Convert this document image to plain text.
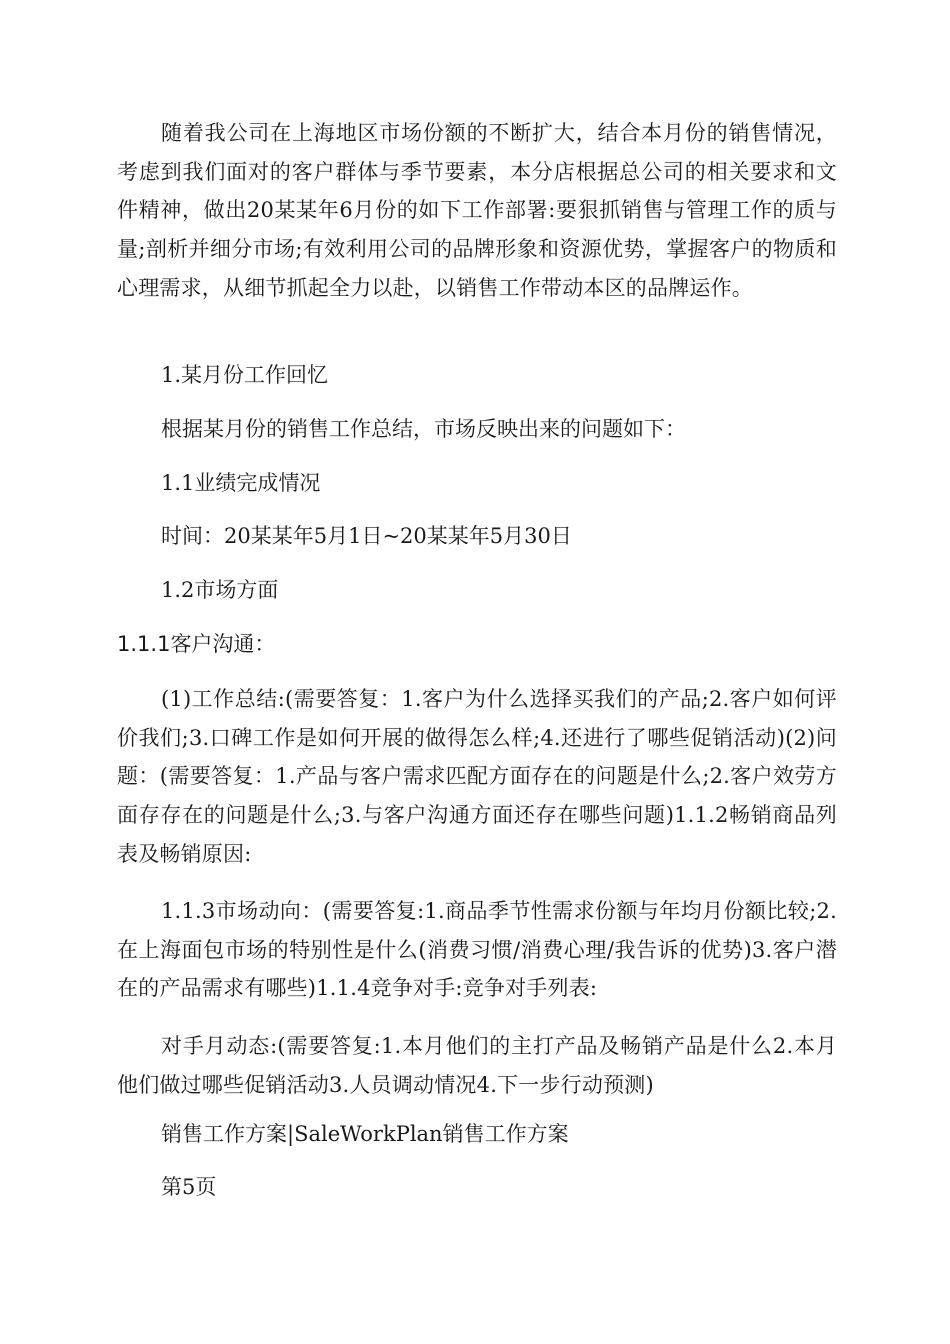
随着我公司在上海地区市场份额的不断扩大，结合本月份的销售情况，考虑到我们面对的客户群体与季节要素，本分店根据总公司的相关要求和文件精神，做出20某某年6月份的如下工作部署:要狠抓销售与管理工作的质与量;剖析并细分市场;有效利用公司的品牌形象和资源优势，掌握客户的物质和心理需求，从细节抓起全力以赴，以销售工作带动本区的品牌运作。

1.某月份工作回忆

根据某月份的销售工作总结，市场反映出来的问题如下：

1.1业绩完成情况

时间：20某某年5月1日~20某某年5月30日

1.2市场方面

1.1.1客户沟通：

(1)工作总结:(需要答复：1.客户为什么选择买我们的产品;2.客户如何评价我们;3.口碑工作是如何开展的做得怎么样;4.还进行了哪些促销活动)(2)问题：(需要答复：1.产品与客户需求匹配方面存在的问题是什么;2.客户效劳方面存存在的问题是什么;3.与客户沟通方面还存在哪些问题)1.1.2畅销商品列表及畅销原因:

1.1.3市场动向：(需要答复:1.商品季节性需求份额与年均月份额比较;2.在上海面包市场的特别性是什么(消费习惯/消费心理/我告诉的优势)3.客户潜在的产品需求有哪些)1.1.4竞争对手:竞争对手列表:

对手月动态:(需要答复:1.本月他们的主打产品及畅销产品是什么2.本月他们做过哪些促销活动3.人员调动情况4.下一步行动预测)

销售工作方案|SaleWorkPlan销售工作方案

第5页
